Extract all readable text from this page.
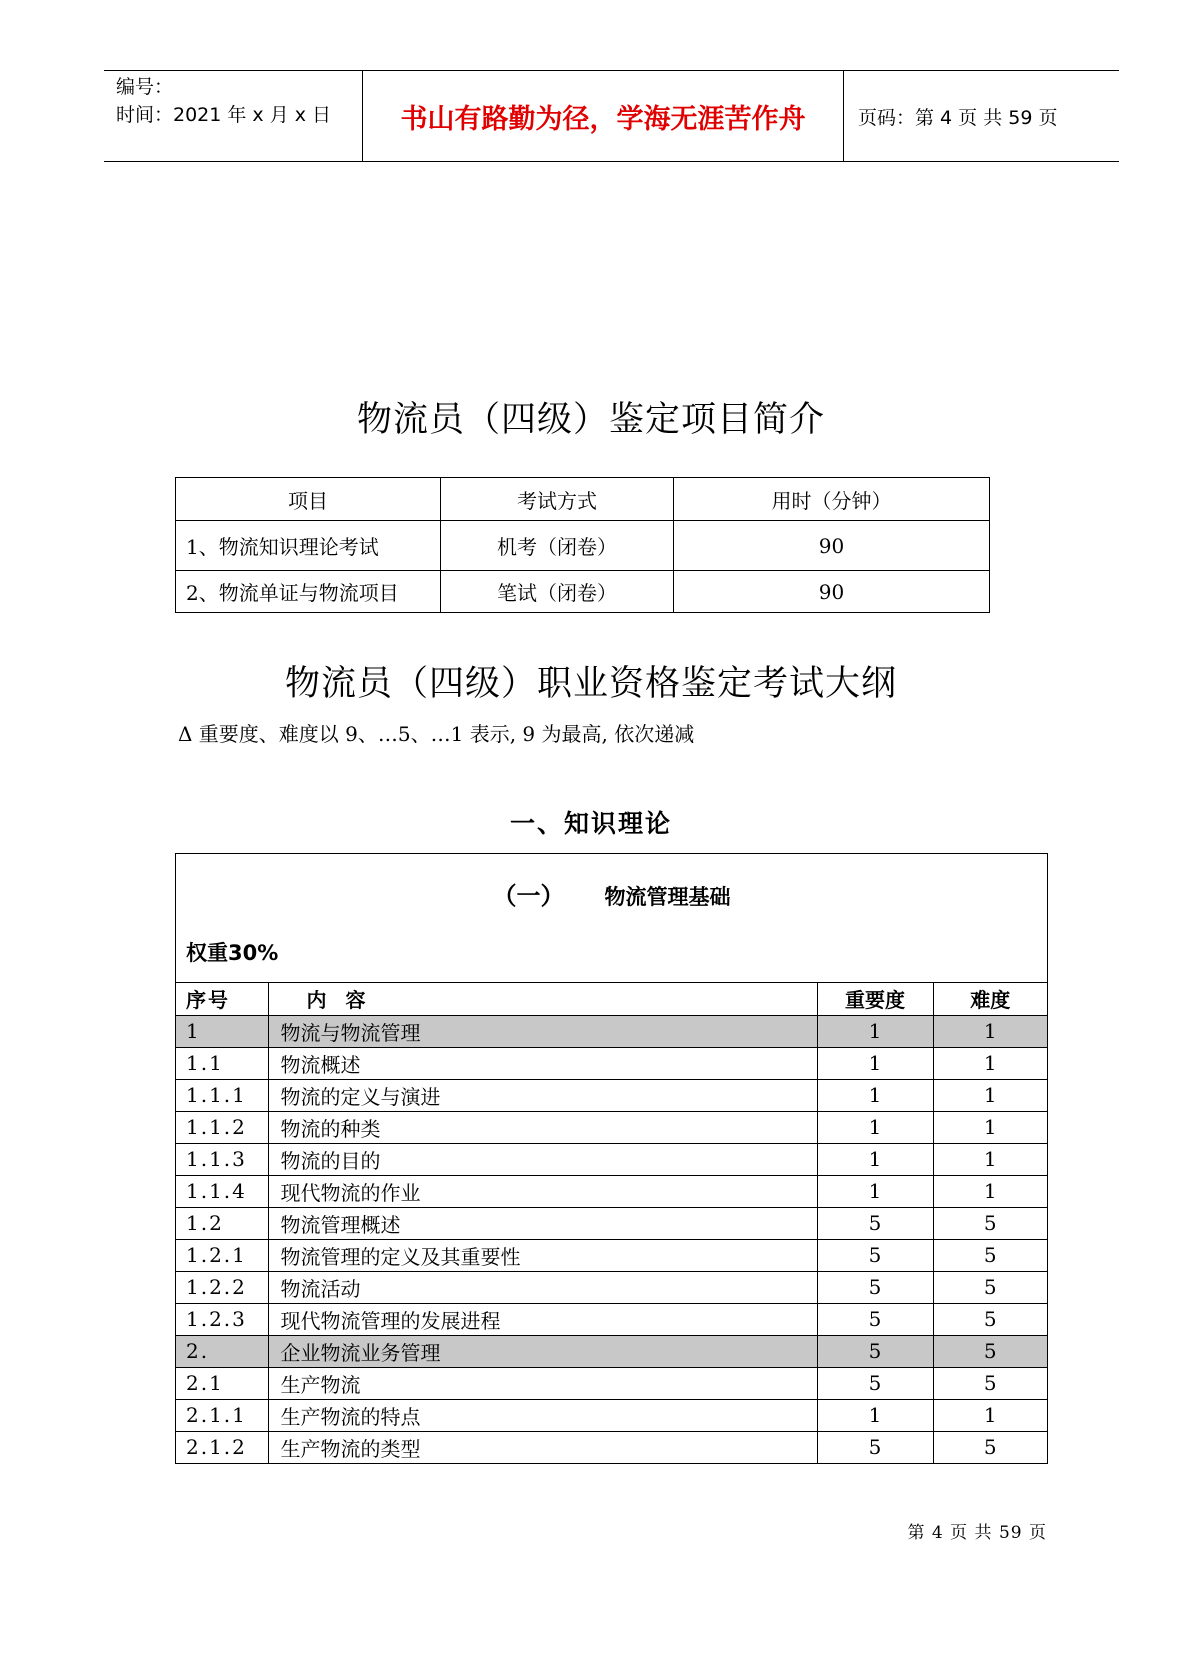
编号：
时间：2021 年 x 月 x 日	书山有路勤为径，学海无涯苦作舟	页码：第 4 页 共 59 页
物流员（四级）鉴定项目简介
项目	考试方式	用时（分钟）
1、物流知识理论考试	机考（闭卷）	90
2、物流单证与物流项目	笔试（闭卷）	90
物流员（四级）职业资格鉴定考试大纲
Δ 重要度、难度以 9、…5、…1 表示, 9 为最高, 依次递减
一、知识理论
（一） 物流管理基础
权重30%
序号	内 容	重要度	难度
1	物流与物流管理	1	1
1.1	物流概述	1	1
1.1.1	物流的定义与演进	1	1
1.1.2	物流的种类	1	1
1.1.3	物流的目的	1	1
1.1.4	现代物流的作业	1	1
1.2	物流管理概述	5	5
1.2.1	物流管理的定义及其重要性	5	5
1.2.2	物流活动	5	5
1.2.3	现代物流管理的发展进程	5	5
2.	企业物流业务管理	5	5
2.1	生产物流	5	5
2.1.1	生产物流的特点	1	1
2.1.2	生产物流的类型	5	5
第 4 页 共 59 页
